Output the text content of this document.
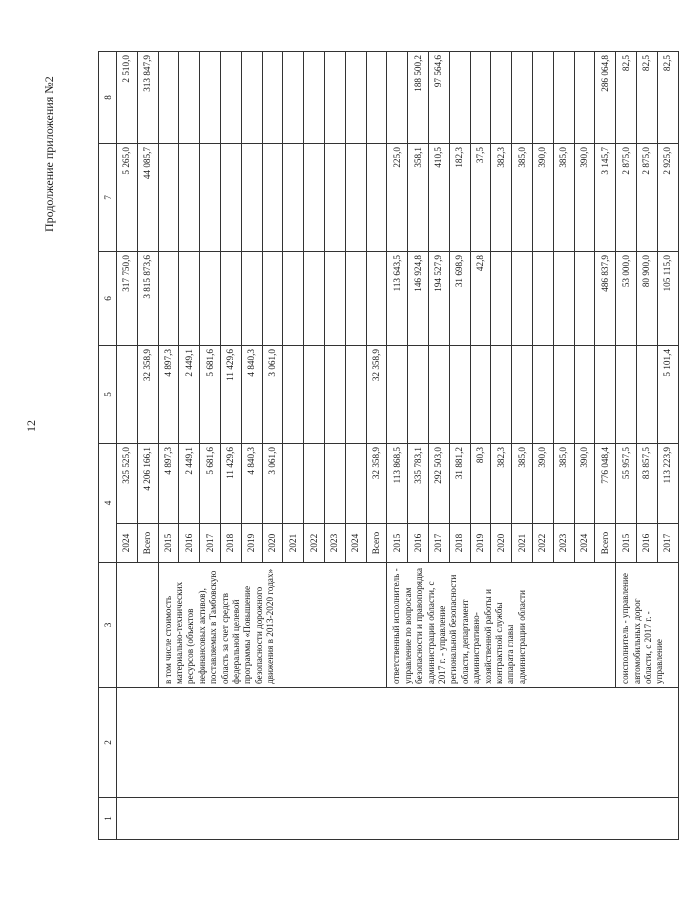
12
Продолжение приложения №2
1	2	3	4		5	6	7	8
			2024	325 525,0		317 750,0	5 265,0	2 510,0
			Всего	4 206 166,1	32 358,9	3 815 873,6	44 085,7	313 847,9
		в том числе стоимость материально-технических ресурсов (объектов нефинансовых активов), поставляемых в Тамбовскую область за счет средств федеральной целевой программы «Повышение безопасности дорожного движения в 2013-2020 годах»	2015	4 897,3	4 897,3			
			2016	2 449,1	2 449,1			
			2017	5 681,6	5 681,6			
			2018	11 429,6	11 429,6			
			2019	4 840,3	4 840,3			
			2020	3 061,0	3 061,0			
			2021					
			2022					
			2023					
			2024					
			Всего	32 358,9	32 358,9			
		ответственный исполнитель - управление по вопросам безопасности и правопорядка администрации области, с 2017 г. - управление региональной безопасности области, департамент административно-хозяйственной работы и контрактной службы аппарата главы администрации области	2015	113 868,5		113 643,5	225,0	
			2016	335 783,1		146 924,8	358,1	188 500,2
			2017	292 503,0		194 527,9	410,5	97 564,6
			2018	31 881,2		31 698,9	182,3	
			2019	80,3		42,8	37,5	
			2020	382,3			382,3	
			2021	385,0			385,0	
			2022	390,0			390,0	
			2023	385,0			385,0	
			2024	390,0			390,0	
			Всего	776 048,4		486 837,9	3 145,7	286 064,8
		соисполнитель - управление автомобильных дорог области, с 2017 г. - управление	2015	55 957,5		53 000,0	2 875,0	82,5
			2016	83 857,5		80 900,0	2 875,0	82,5
			2017	113 223,9	5 101,4	105 115,0	2 925,0	82,5
